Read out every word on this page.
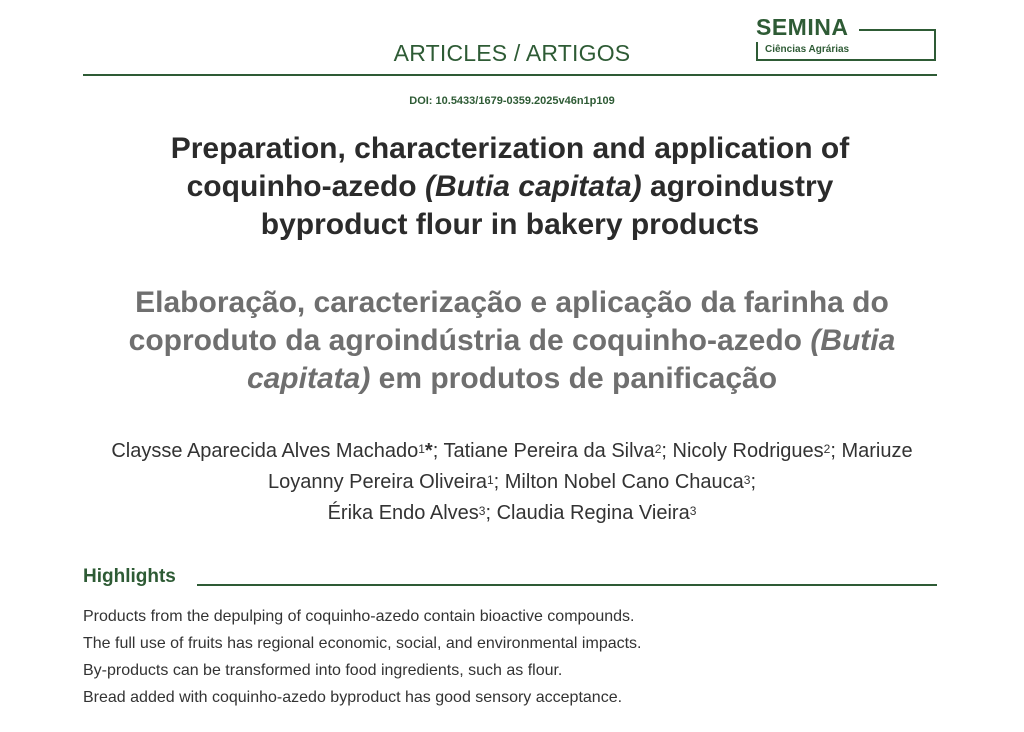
SEMINA
Ciências Agrárias
ARTICLES / ARTIGOS
DOI: 10.5433/1679-0359.2025v46n1p109
Preparation, characterization and application of
coquinho-azedo (Butia capitata) agroindustry
byproduct flour in bakery products
Elaboração, caracterização e aplicação da farinha do
coproduto da agroindústria de coquinho-azedo (Butia
capitata) em produtos de panificação
Claysse Aparecida Alves Machado$^1$*; Tatiane Pereira da Silva$^2$; Nicoly Rodrigues$^2$; Mariuze Loyanny Pereira Oliveira$^1$; Milton Nobel Cano Chauca$^3$;
Érika Endo Alves$^3$; Claudia Regina Vieira$^3$
Highlights
Products from the depulping of coquinho-azedo contain bioactive compounds.
The full use of fruits has regional economic, social, and environmental impacts.
By-products can be transformed into food ingredients, such as flour.
Bread added with coquinho-azedo byproduct has good sensory acceptance.
